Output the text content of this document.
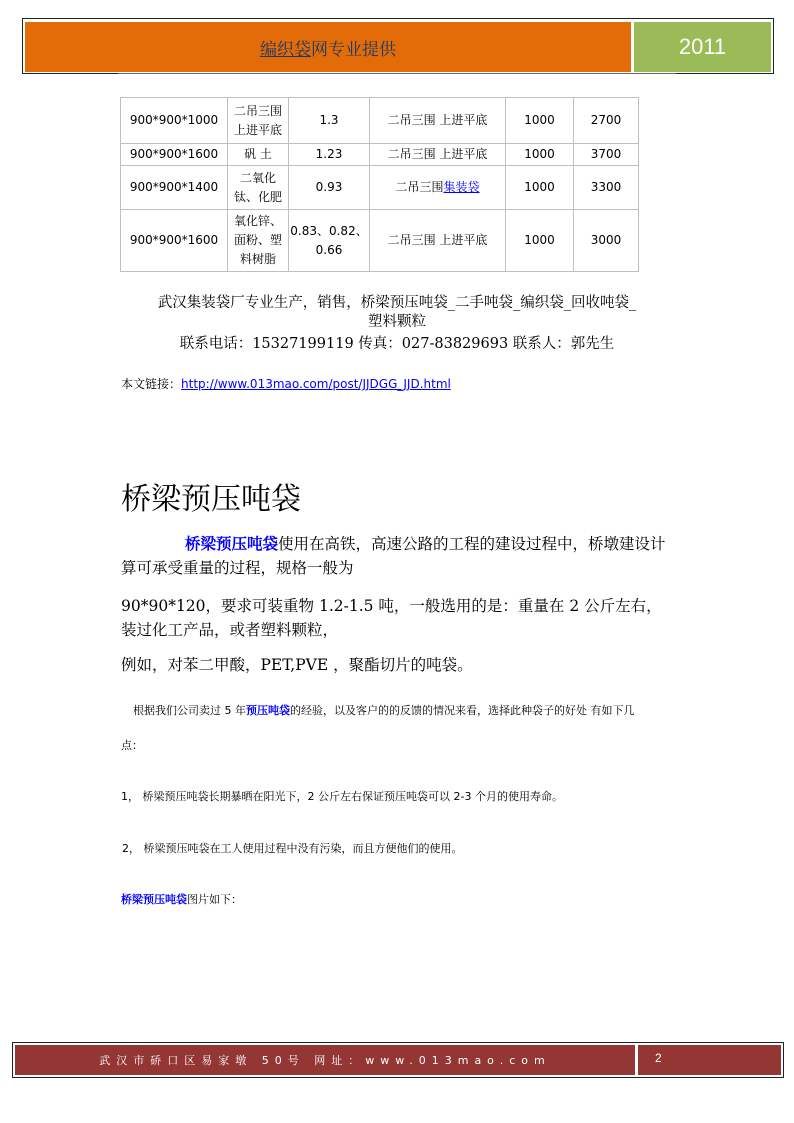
编织袋 网专业提供	2011
900*900*1000	二吊三围上进平底	1.3	二吊三围 上进平底	1000	2700
900*900*1600	矾 土	1.23	二吊三围 上进平底	1000	3700
900*900*1400	二氧化钛、化肥	0.93	二吊三围集装袋	1000	3300
900*900*1600	氧化锌、面粉、塑料树脂	0.83、0.82、0.66	二吊三围 上进平底	1000	3000
武汉集装袋厂专业生产，销售，桥梁预压吨袋_二手吨袋_编织袋_回收吨袋_
塑料颗粒
联系电话：15327199119 传真：027-83829693 联系人：郭先生
本文链接：http://www.013mao.com/post/JJDGG_JJD.html
桥梁预压吨袋
桥梁预压吨袋使用在高铁，高速公路的工程的建设过程中，桥墩建设计算可承受重量的过程，规格一般为
90*90*120，要求可装重物 1.2-1.5 吨，一般选用的是：重量在 2 公斤左右，装过化工产品，或者塑料颗粒，
例如，对苯二甲酸，PET,PVE ，聚酯切片的吨袋。
根据我们公司卖过 5 年预压吨袋的经验，以及客户的的反馈的情况来看，选择此种袋子的好处 有如下几
点：
1， 桥梁预压吨袋长期暴晒在阳光下，2 公斤左右保证预压吨袋可以 2-3 个月的使用寿命。
2， 桥梁预压吨袋在工人使用过程中没有污染，而且方便他们的使用。
桥梁预压吨袋图片如下：
武汉市硚口区易家墩 50号 网址：www.013mao.com	2
